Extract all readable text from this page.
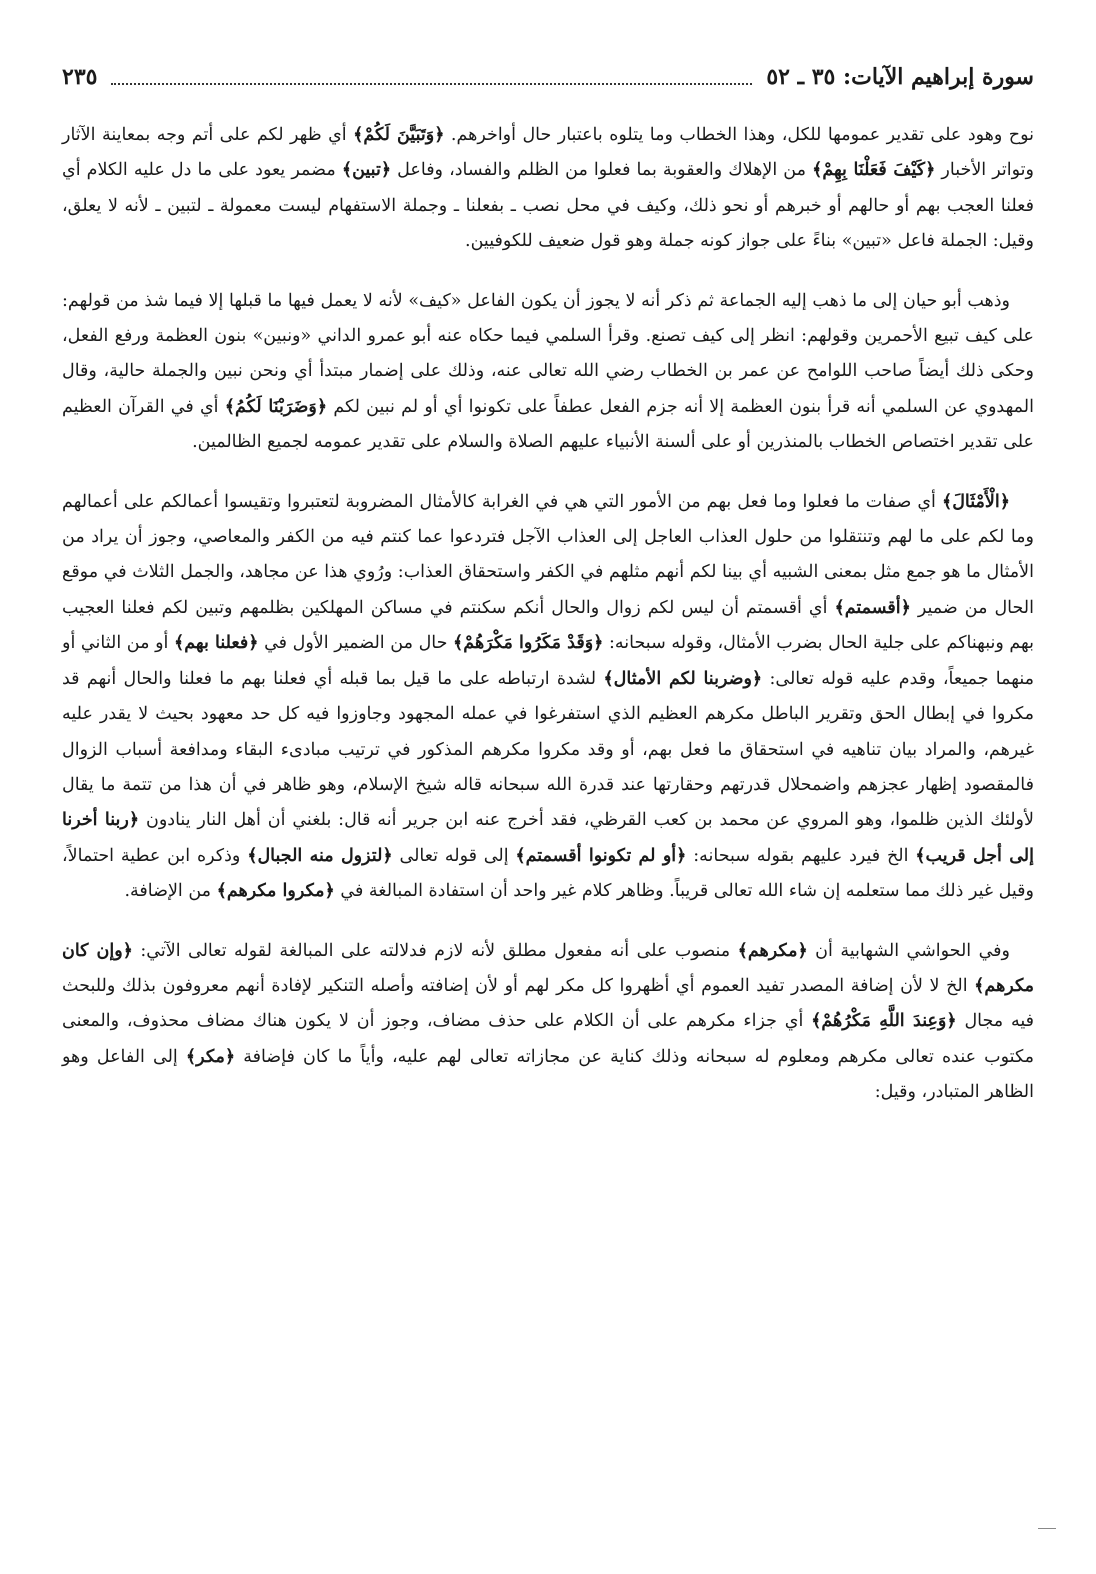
سورة إبراهيم الآيات: ٣٥ ـ ٥٢
٢٣٥

نوح وهود على تقدير عمومها للكل، وهذا الخطاب وما يتلوه باعتبار حال أواخرهم. ﴿وَتَبَيَّنَ لَكُمْ﴾ أي ظهر لكم على أتم وجه بمعاينة الآثار وتواتر الأخبار ﴿كَيْفَ فَعَلْنَا بِهِمْ﴾ من الإهلاك والعقوبة بما فعلوا من الظلم والفساد، وفاعل ﴿تبين﴾ مضمر يعود على ما دل عليه الكلام أي فعلنا العجب بهم أو حالهم أو خبرهم أو نحو ذلك، وكيف في محل نصب ـ بفعلنا ـ وجملة الاستفهام ليست معمولة ـ لتبين ـ لأنه لا يعلق، وقيل: الجملة فاعل «تبين» بناءً على جواز كونه جملة وهو قول ضعيف للكوفيين.

وذهب أبو حيان إلى ما ذهب إليه الجماعة ثم ذكر أنه لا يجوز أن يكون الفاعل «كيف» لأنه لا يعمل فيها ما قبلها إلا فيما شذ من قولهم: على كيف تبيع الأحمرين وقولهم: انظر إلى كيف تصنع. وقرأ السلمي فيما حكاه عنه أبو عمرو الداني «ونبين» بنون العظمة ورفع الفعل، وحكى ذلك أيضاً صاحب اللوامح عن عمر بن الخطاب رضي الله تعالى عنه، وذلك على إضمار مبتدأ أي ونحن نبين والجملة حالية، وقال المهدوي عن السلمي أنه قرأ بنون العظمة إلا أنه جزم الفعل عطفاً على تكونوا أي أو لم نبين لكم ﴿وَضَرَبْنَا لَكُمُ﴾ أي في القرآن العظيم على تقدير اختصاص الخطاب بالمنذرين أو على ألسنة الأنبياء عليهم الصلاة والسلام على تقدير عمومه لجميع الظالمين.

﴿الْأَمْثَالَ﴾ أي صفات ما فعلوا وما فعل بهم من الأمور التي هي في الغرابة كالأمثال المضروبة لتعتبروا وتقيسوا أعمالكم على أعمالهم وما لكم على ما لهم وتنتقلوا من حلول العذاب العاجل إلى العذاب الآجل فتردعوا عما كنتم فيه من الكفر والمعاصي، وجوز أن يراد من الأمثال ما هو جمع مثل بمعنى الشبيه أي بينا لكم أنهم مثلهم في الكفر واستحقاق العذاب: ورُوي هذا عن مجاهد، والجمل الثلاث في موقع الحال من ضمير ﴿أقسمتم﴾ أي أقسمتم أن ليس لكم زوال والحال أنكم سكنتم في مساكن المهلكين بظلمهم وتبين لكم فعلنا العجيب بهم ونبهناكم على جلية الحال بضرب الأمثال، وقوله سبحانه: ﴿وَقَدْ مَكَرُوا مَكْرَهُمْ﴾ حال من الضمير الأول في ﴿فعلنا بهم﴾ أو من الثاني أو منهما جميعاً، وقدم عليه قوله تعالى: ﴿وضربنا لكم الأمثال﴾ لشدة ارتباطه على ما قيل بما قبله أي فعلنا بهم ما فعلنا والحال أنهم قد مكروا في إبطال الحق وتقرير الباطل مكرهم العظيم الذي استفرغوا في عمله المجهود وجاوزوا فيه كل حد معهود بحيث لا يقدر عليه غيرهم، والمراد بيان تناهيه في استحقاق ما فعل بهم، أو وقد مكروا مكرهم المذكور في ترتيب مبادىء البقاء ومدافعة أسباب الزوال فالمقصود إظهار عجزهم واضمحلال قدرتهم وحقارتها عند قدرة الله سبحانه قاله شيخ الإسلام، وهو ظاهر في أن هذا من تتمة ما يقال لأولئك الذين ظلموا، وهو المروي عن محمد بن كعب القرظي، فقد أخرج عنه ابن جرير أنه قال: بلغني أن أهل النار ينادون ﴿ربنا أخرنا إلى أجل قريب﴾ الخ فيرد عليهم بقوله سبحانه: ﴿أو لم تكونوا أقسمتم﴾ إلى قوله تعالى ﴿لتزول منه الجبال﴾ وذكره ابن عطية احتمالاً، وقيل غير ذلك مما ستعلمه إن شاء الله تعالى قريباً. وظاهر كلام غير واحد أن استفادة المبالغة في ﴿مكروا مكرهم﴾ من الإضافة.

وفي الحواشي الشهابية أن ﴿مكرهم﴾ منصوب على أنه مفعول مطلق لأنه لازم فدلالته على المبالغة لقوله تعالى الآتي: ﴿وإن كان مكرهم﴾ الخ لا لأن إضافة المصدر تفيد العموم أي أظهروا كل مكر لهم أو لأن إضافته وأصله التنكير لإفادة أنهم معروفون بذلك وللبحث فيه مجال ﴿وَعِندَ اللَّهِ مَكْرُهُمْ﴾ أي جزاء مكرهم على أن الكلام على حذف مضاف، وجوز أن لا يكون هناك مضاف محذوف، والمعنى مكتوب عنده تعالى مكرهم ومعلوم له سبحانه وذلك كناية عن مجازاته تعالى لهم عليه، وأياً ما كان فإضافة ﴿مكر﴾ إلى الفاعل وهو الظاهر المتبادر، وقيل:
